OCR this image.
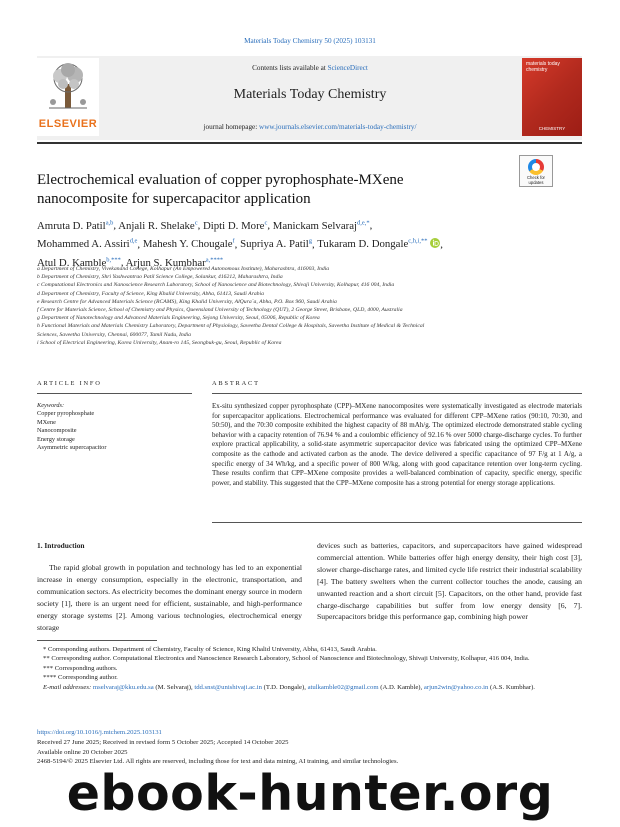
Materials Today Chemistry 50 (2025) 103131
ELSEVIER
Contents lists available at ScienceDirect
Materials Today Chemistry
journal homepage: www.journals.elsevier.com/materials-today-chemistry/
materials today chemistry
CHEMISTRY
Electrochemical evaluation of copper pyrophosphate-MXene nanocomposite for supercapacitor application
Check for updates
Amruta D. Patil$^{a,b}$, Anjali R. Shelake$^c$, Dipti D. More$^c$, Manickam Selvaraj$^{d,e,*}$,
Mohammed A. Assiri$^{d,e}$, Mahesh Y. Chougale$^f$, Supriya A. Patil$^g$, Tukaram D. Dongale$^{c,h,i,**}$ ,
Atul D. Kamble$^{b,***}$, Arjun S. Kumbhar$^{a,****}$
a Department of Chemistry, Vivekanand College, Kolhapur (An Empowered Autonomous Institute), Maharashtra, 416003, India
b Department of Chemistry, Shri Yashwantrao Patil Science College, Solankur, 416212, Maharashtra, India
c Computational Electronics and Nanoscience Research Laboratory, School of Nanoscience and Biotechnology, Shivaji University, Kolhapur, 416 004, India
d Department of Chemistry, Faculty of Science, King Khalid University, Abha, 61413, Saudi Arabia
e Research Centre for Advanced Materials Science (RCAMS), King Khalid University, AlQura`a, Abha, P.O. Box 960, Saudi Arabia
f Centre for Materials Science, School of Chemistry and Physics, Queensland University of Technology (QUT), 2 George Street, Brisbane, QLD, 4000, Australia
g Department of Nanotechnology and Advanced Materials Engineering, Sejong University, Seoul, 05006, Republic of Korea
h Functional Materials and Materials Chemistry Laboratory, Department of Physiology, Saveetha Dental College & Hospitals, Saveetha Institute of Medical & Technical
Sciences, Saveetha University, Chennai, 600077, Tamil Nadu, India
i School of Electrical Engineering, Korea University, Anam-ro 145, Seongbuk-gu, Seoul, Republic of Korea
ARTICLE INFO	ABSTRACT
Keywords:
Copper pyrophosphate
MXene
Nanocomposite
Energy storage
Asymmetric supercapacitor
Ex-situ synthesized copper pyrophosphate (CPP)–MXene nanocomposites were systematically investigated as electrode materials for supercapacitor applications. Electrochemical performance was evaluated for different CPP–MXene ratios (90:10, 70:30, and 50:50), and the 70:30 composite exhibited the highest capacity of 88 mAh/g. The optimized electrode demonstrated stable cycling behavior with a capacity retention of 76.94 % and a coulombic efficiency of 92.16 % over 5000 charge-discharge cycles. To further explore practical applicability, a solid-state asymmetric supercapacitor device was fabricated using the optimized CPP–MXene composite as the cathode and activated carbon as the anode. The device delivered a specific capacitance of 97 F/g at 1 A/g, a specific energy of 34 Wh/kg, and a specific power of 800 W/kg, along with good capacitance retention over long-term cycling. These results confirm that CPP–MXene composite provides a well-balanced combination of capacity, specific energy, specific power, and stability. This suggested that the CPP–MXene composite has a strong potential for energy storage applications.
1. Introduction
The rapid global growth in population and technology has led to an exponential increase in energy consumption, especially in the electronic, transportation, and communication sectors. As electricity becomes the dominant energy source in modern society [1], there is an urgent need for efficient, sustainable, and high-performance energy storage systems [2]. Among various technologies, electrochemical energy storage
devices such as batteries, capacitors, and supercapacitors have gained widespread commercial attention. While batteries offer high energy density, their high cost [3], slower charge-discharge rates, and limited cycle life restrict their industrial scalability [4]. The battery swelters when the current collector touches the anode, causing an unwanted reaction and a short circuit [5]. Capacitors, on the other hand, provide fast charge-discharge capabilities but suffer from low energy density [6, 7]. Supercapacitors bridge this performance gap, combining high power
* Corresponding authors. Department of Chemistry, Faculty of Science, King Khalid University, Abha, 61413, Saudi Arabia.
** Corresponding author. Computational Electronics and Nanoscience Research Laboratory, School of Nanoscience and Biotechnology, Shivaji University, Kolhapur, 416 004, India.
*** Corresponding authors.
**** Corresponding author.
E-mail addresses: mselvaraj@kku.edu.sa (M. Selvaraj), tdd.snst@unishivaji.ac.in (T.D. Dongale), atulkamble02@gmail.com (A.D. Kamble), arjun2win@yahoo.co.in (A.S. Kumbhar).
https://doi.org/10.1016/j.mtchem.2025.103131
Received 27 June 2025; Received in revised form 5 October 2025; Accepted 14 October 2025
Available online 20 October 2025
2468-5194/© 2025 Elsevier Ltd. All rights are reserved, including those for text and data mining, AI training, and similar technologies.
ebook-hunter.org
